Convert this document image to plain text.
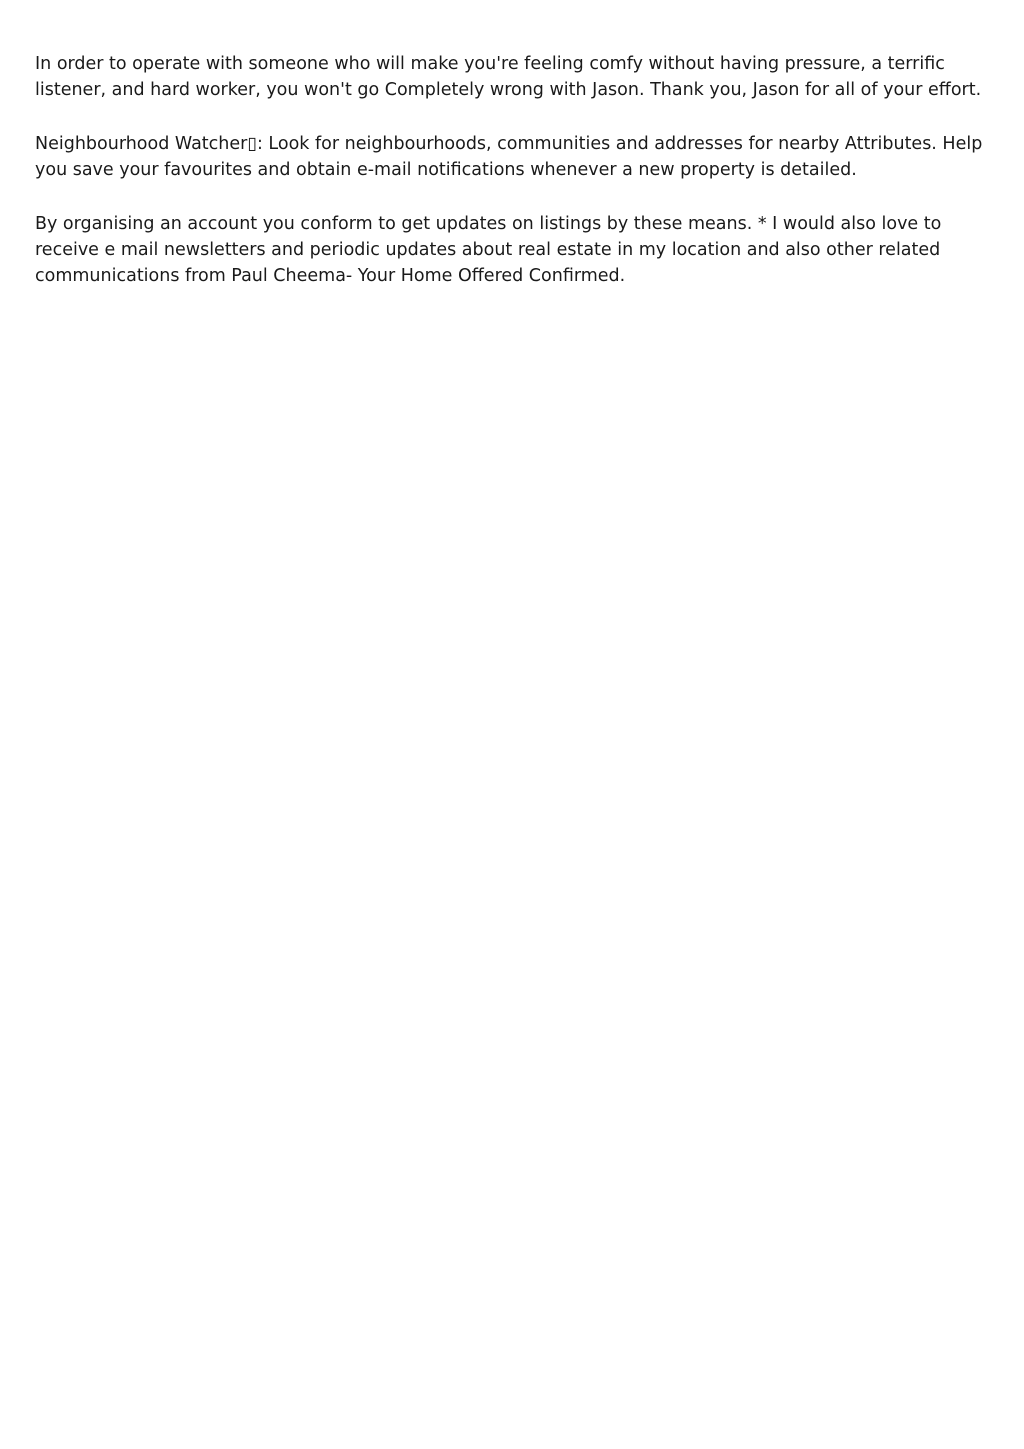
In order to operate with someone who will make you're feeling comfy without having pressure, a terrific listener, and hard worker, you won't go Completely wrong with Jason. Thank you, Jason for all of your effort.

Neighbourhood Watcher▯: Look for neighbourhoods, communities and addresses for nearby Attributes. Help you save your favourites and obtain e-mail notifications whenever a new property is detailed.

By organising an account you conform to get updates on listings by these means. * I would also love to receive e mail newsletters and periodic updates about real estate in my location and also other related communications from Paul Cheema- Your Home Offered Confirmed.
